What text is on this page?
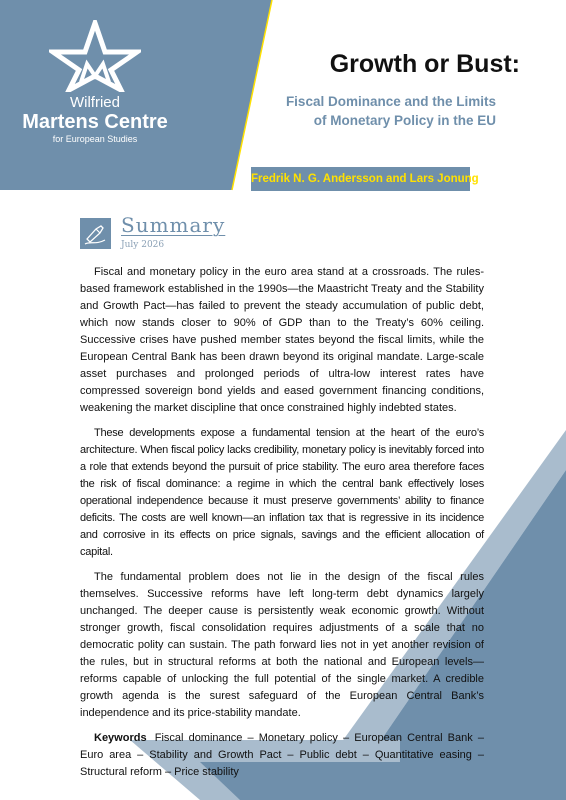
Wilfried
Martens Centre
for European Studies
Growth or Bust:
Fiscal Dominance and the Limits
of Monetary Policy in the EU
Fredrik N. G. Andersson and Lars Jonung
Summary
July 2026

Fiscal and monetary policy in the euro area stand at a crossroads. The rules-based framework established in the 1990s—the Maastricht Treaty and the Stability and Growth Pact—has failed to prevent the steady accumulation of public debt, which now stands closer to 90% of GDP than to the Treaty’s 60% ceiling. Successive crises have pushed member states beyond the fiscal limits, while the European Central Bank has been drawn beyond its original mandate. Large-scale asset purchases and prolonged periods of ultra-low interest rates have compressed sovereign bond yields and eased government financing conditions, weakening the market discipline that once constrained highly indebted states.

These developments expose a fundamental tension at the heart of the euro’s architecture. When fiscal policy lacks credibility, monetary policy is inevitably forced into a role that extends beyond the pursuit of price stability. The euro area therefore faces the risk of fiscal dominance: a regime in which the central bank effectively loses operational independence because it must preserve governments’ ability to finance deficits. The costs are well known—an inflation tax that is regressive in its incidence and corrosive in its effects on price signals, savings and the efficient allocation of capital.

The fundamental problem does not lie in the design of the fiscal rules themselves. Successive reforms have left long-term debt dynamics largely unchanged. The deeper cause is persistently weak economic growth. Without stronger growth, fiscal consolidation requires adjustments of a scale that no democratic polity can sustain. The path forward lies not in yet another revision of the rules, but in structural reforms at both the national and European levels—reforms capable of unlocking the full potential of the single market. A credible growth agenda is the surest safeguard of the European Central Bank’s independence and its price-stability mandate.

Keywords Fiscal dominance – Monetary policy – European Central Bank – Euro area – Stability and Growth Pact – Public debt – Quantitative easing – Structural reform – Price stability
